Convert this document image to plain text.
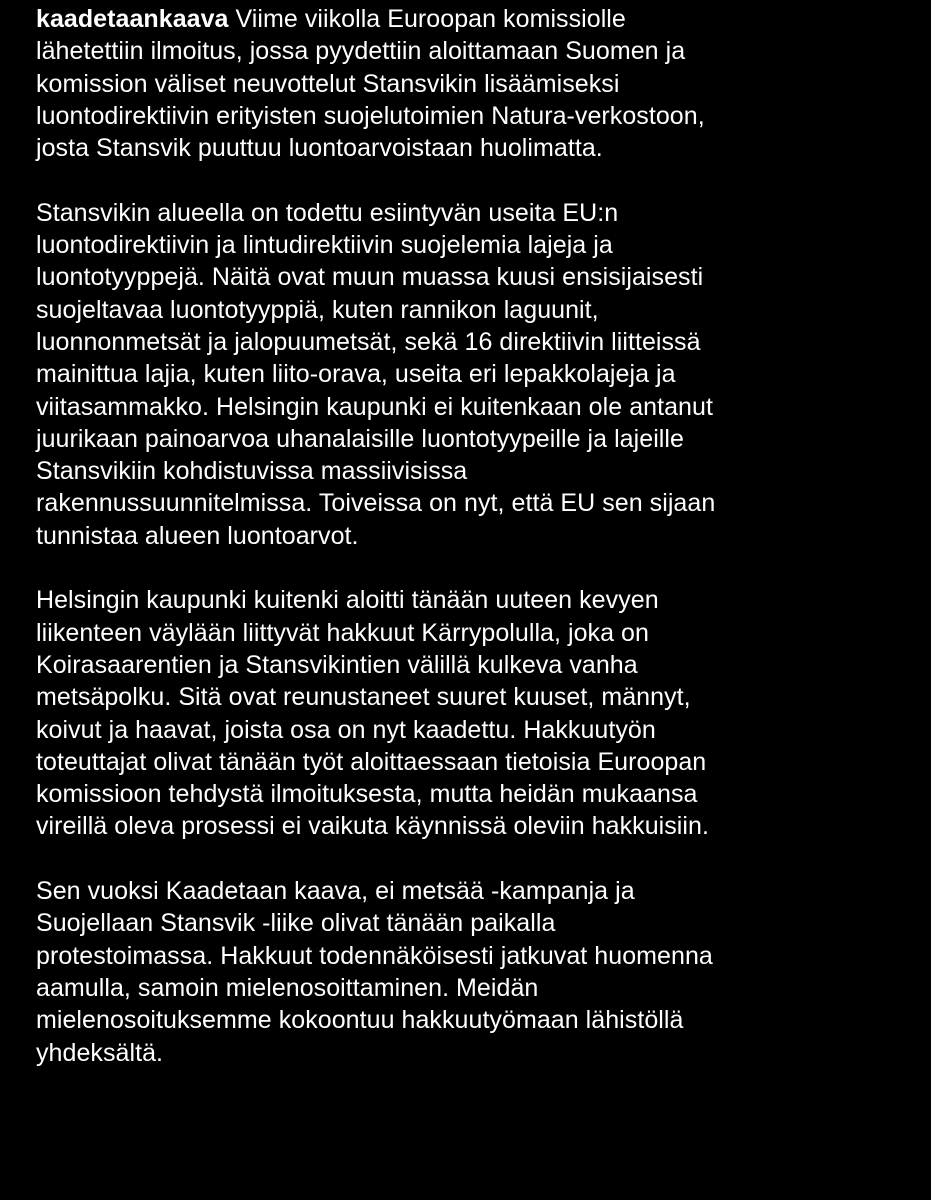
kaadetaankaava Viime viikolla Euroopan komissiolle
lähetettiin ilmoitus, jossa pyydettiin aloittamaan Suomen ja
komission väliset neuvottelut Stansvikin lisäämiseksi
luontodirektiivin erityisten suojelutoimien Natura-verkostoon,
josta Stansvik puuttuu luontoarvoistaan huolimatta.

Stansvikin alueella on todettu esiintyvän useita EU:n
luontodirektiivin ja lintudirektiivin suojelemia lajeja ja
luontotyyppejä. Näitä ovat muun muassa kuusi ensisijaisesti
suojeltavaa luontotyyppiä, kuten rannikon laguunit,
luonnonmetsät ja jalopuumetsät, sekä 16 direktiivin liitteissä
mainittua lajia, kuten liito-orava, useita eri lepakkolajeja ja
viitasammakko. Helsingin kaupunki ei kuitenkaan ole antanut
juurikaan painoarvoa uhanalaisille luontotyypeille ja lajeille
Stansvikiin kohdistuvissa massiivisissa
rakennussuunnitelmissa. Toiveissa on nyt, että EU sen sijaan
tunnistaa alueen luontoarvot.

Helsingin kaupunki kuitenki aloitti tänään uuteen kevyen
liikenteen väylään liittyvät hakkuut Kärrypolulla, joka on
Koirasaarentien ja Stansvikintien välillä kulkeva vanha
metsäpolku. Sitä ovat reunustaneet suuret kuuset, männyt,
koivut ja haavat, joista osa on nyt kaadettu. Hakkuutyön
toteuttajat olivat tänään työt aloittaessaan tietoisia Euroopan
komissioon tehdystä ilmoituksesta, mutta heidän mukaansa
vireillä oleva prosessi ei vaikuta käynnissä oleviin hakkuisiin.

Sen vuoksi Kaadetaan kaava, ei metsää -kampanja ja
Suojellaan Stansvik -liike olivat tänään paikalla
protestoimassa. Hakkuut todennäköisesti jatkuvat huomenna
aamulla, samoin mielenosoittaminen. Meidän
mielenosoituksemme kokoontuu hakkuutyömaan lähistöllä
yhdeksältä.
